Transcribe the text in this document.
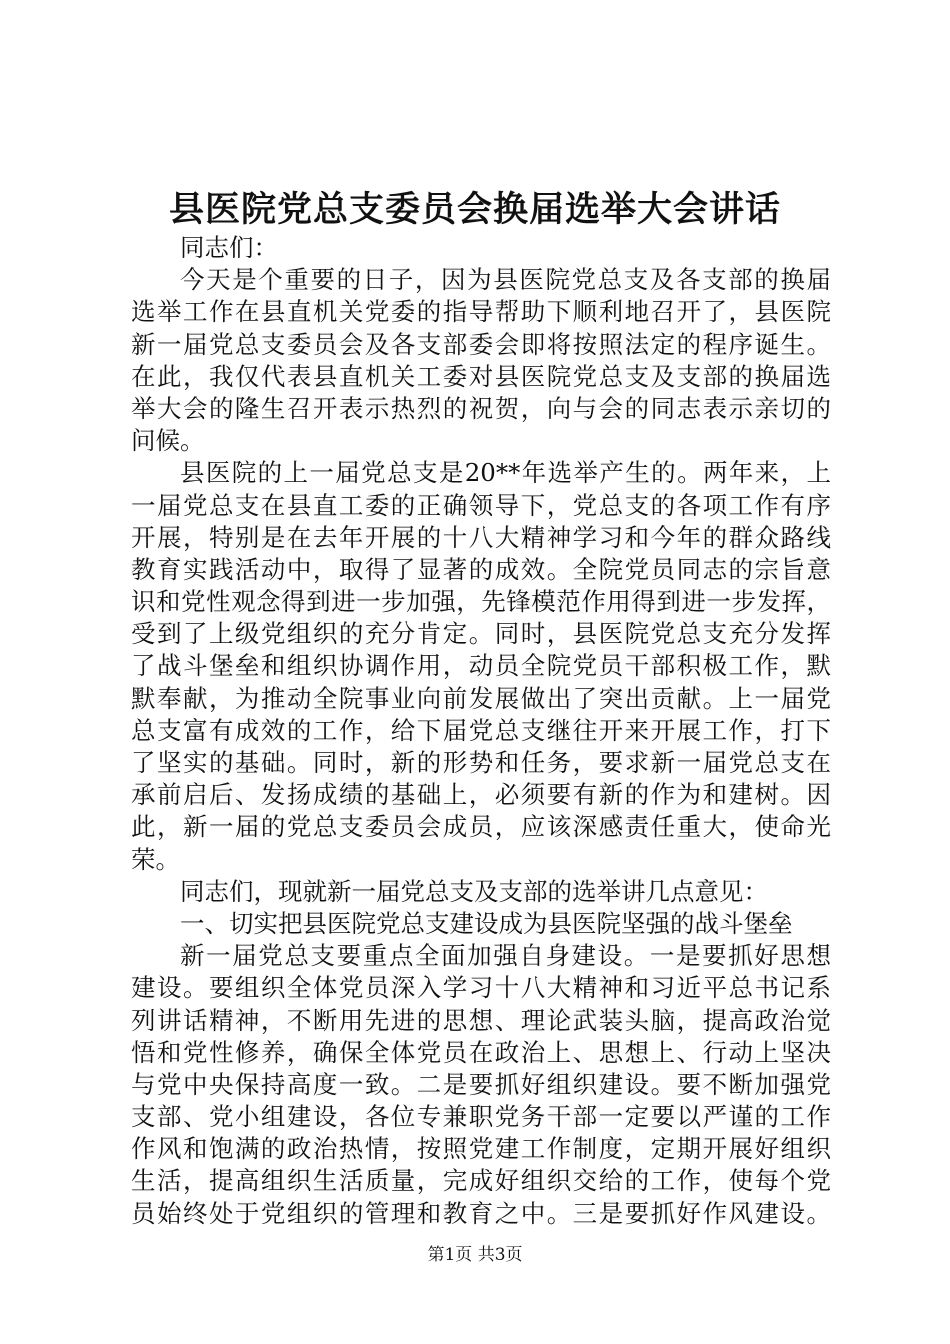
县医院党总支委员会换届选举大会讲话
同志们：
今天是个重要的日子，因为县医院党总支及各支部的换届
选举工作在县直机关党委的指导帮助下顺利地召开了，县医院
新一届党总支委员会及各支部委会即将按照法定的程序诞生。
在此，我仅代表县直机关工委对县医院党总支及支部的换届选
举大会的隆生召开表示热烈的祝贺，向与会的同志表示亲切的
问候。
县医院的上一届党总支是20**年选举产生的。两年来，上
一届党总支在县直工委的正确领导下，党总支的各项工作有序
开展，特别是在去年开展的十八大精神学习和今年的群众路线
教育实践活动中，取得了显著的成效。全院党员同志的宗旨意
识和党性观念得到进一步加强，先锋模范作用得到进一步发挥，
受到了上级党组织的充分肯定。同时，县医院党总支充分发挥
了战斗堡垒和组织协调作用，动员全院党员干部积极工作，默
默奉献，为推动全院事业向前发展做出了突出贡献。上一届党
总支富有成效的工作，给下届党总支继往开来开展工作，打下
了坚实的基础。同时，新的形势和任务，要求新一届党总支在
承前启后、发扬成绩的基础上，必须要有新的作为和建树。因
此，新一届的党总支委员会成员，应该深感责任重大，使命光
荣。
同志们，现就新一届党总支及支部的选举讲几点意见：
一、切实把县医院党总支建设成为县医院坚强的战斗堡垒
新一届党总支要重点全面加强自身建设。一是要抓好思想
建设。要组织全体党员深入学习十八大精神和习近平总书记系
列讲话精神，不断用先进的思想、理论武装头脑，提高政治觉
悟和党性修养，确保全体党员在政治上、思想上、行动上坚决
与党中央保持高度一致。二是要抓好组织建设。要不断加强党
支部、党小组建设，各位专兼职党务干部一定要以严谨的工作
作风和饱满的政治热情，按照党建工作制度，定期开展好组织
生活，提高组织生活质量，完成好组织交给的工作，使每个党
员始终处于党组织的管理和教育之中。三是要抓好作风建设。
第1页 共3页
